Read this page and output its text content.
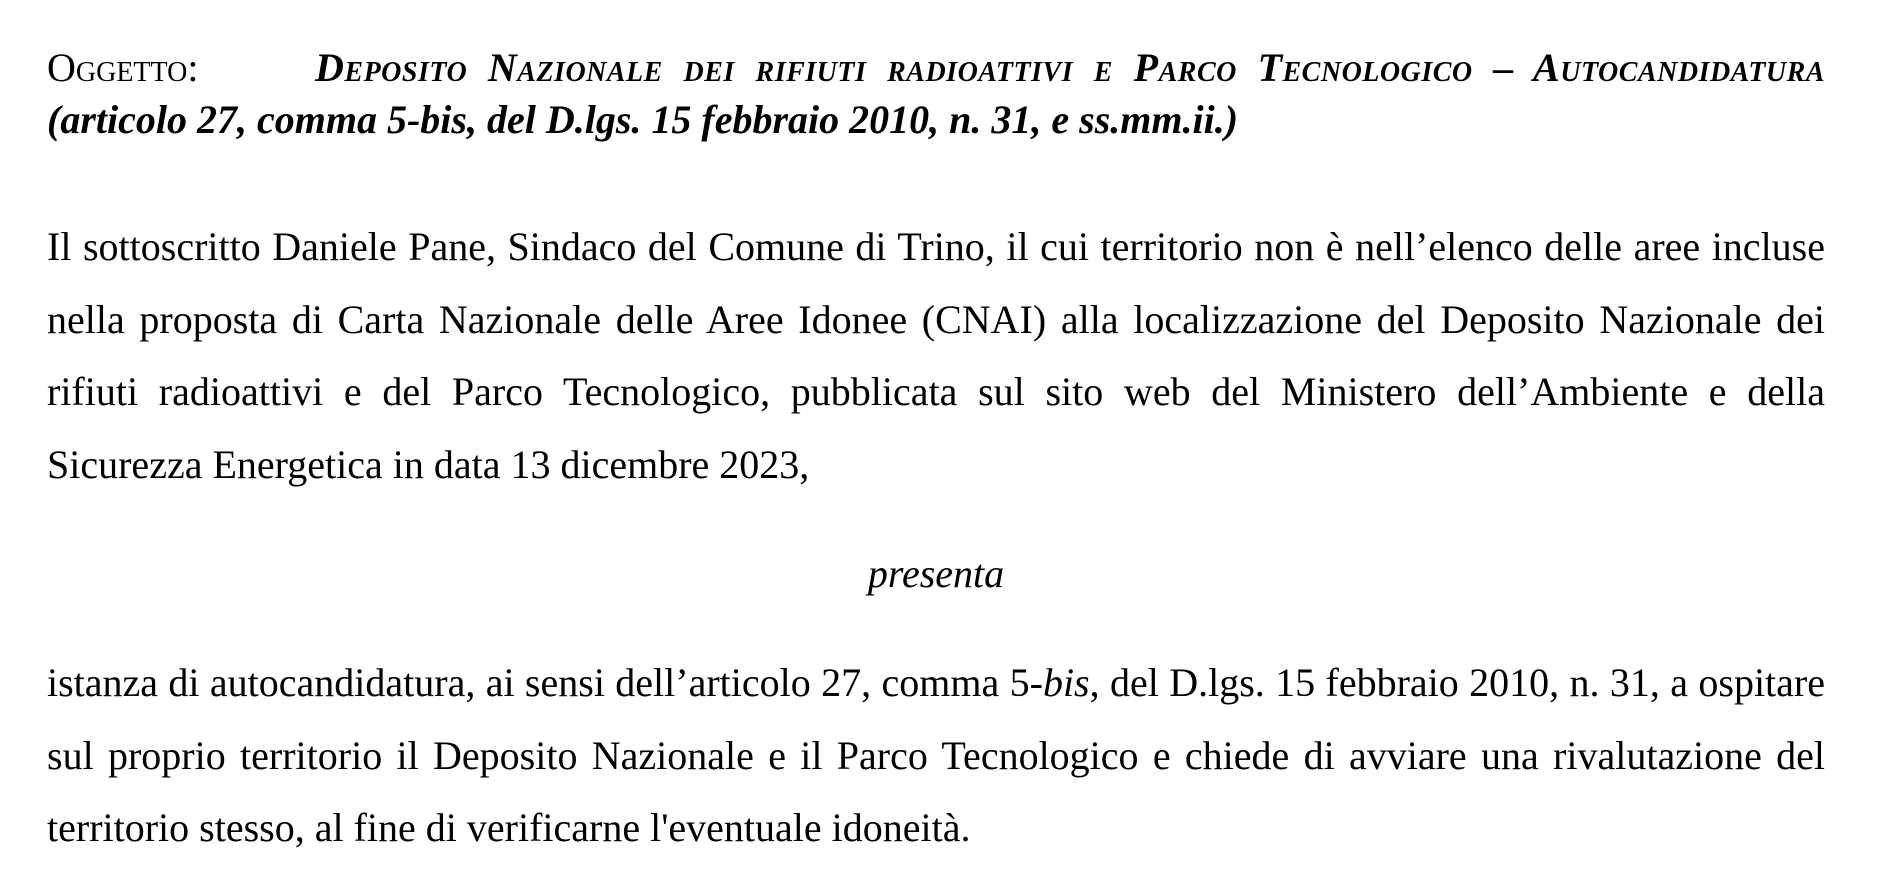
Oggetto:	Deposito Nazionale dei rifiuti radioattivi e Parco Tecnologico – Autocandidatura (articolo 27, comma 5-bis, del D.lgs. 15 febbraio 2010, n. 31, e ss.mm.ii.)

Il sottoscritto Daniele Pane, Sindaco del Comune di Trino, il cui territorio non è nell’elenco delle aree incluse nella proposta di Carta Nazionale delle Aree Idonee (CNAI) alla localizzazione del Deposito Nazionale dei rifiuti radioattivi e del Parco Tecnologico, pubblicata sul sito web del Ministero dell’Ambiente e della Sicurezza Energetica in data 13 dicembre 2023,

presenta

istanza di autocandidatura, ai sensi dell’articolo 27, comma 5-bis, del D.lgs. 15 febbraio 2010, n. 31, a ospitare sul proprio territorio il Deposito Nazionale e il Parco Tecnologico e chiede di avviare una rivalutazione del territorio stesso, al fine di verificarne l'eventuale idoneità.
